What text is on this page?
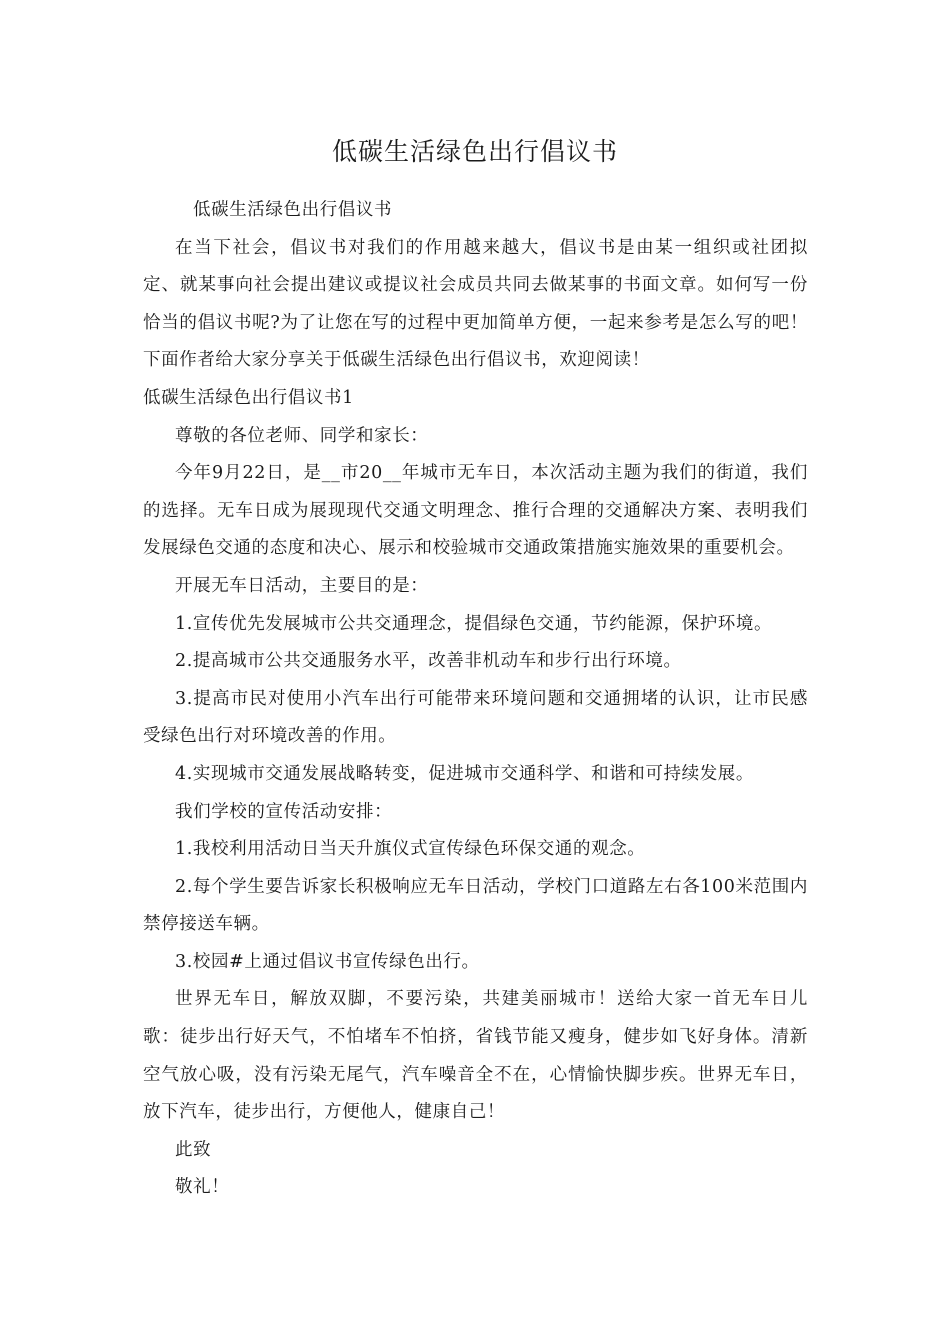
低碳生活绿色出行倡议书

低碳生活绿色出行倡议书

在当下社会，倡议书对我们的作用越来越大，倡议书是由某一组织或社团拟定、就某事向社会提出建议或提议社会成员共同去做某事的书面文章。如何写一份恰当的倡议书呢?为了让您在写的过程中更加简单方便，一起来参考是怎么写的吧！下面作者给大家分享关于低碳生活绿色出行倡议书，欢迎阅读！

低碳生活绿色出行倡议书1

尊敬的各位老师、同学和家长：

今年9月22日，是__市20__年城市无车日，本次活动主题为我们的街道，我们的选择。无车日成为展现现代交通文明理念、推行合理的交通解决方案、表明我们发展绿色交通的态度和决心、展示和校验城市交通政策措施实施效果的重要机会。

开展无车日活动，主要目的是：

1.宣传优先发展城市公共交通理念，提倡绿色交通，节约能源，保护环境。

2.提高城市公共交通服务水平，改善非机动车和步行出行环境。

3.提高市民对使用小汽车出行可能带来环境问题和交通拥堵的认识，让市民感受绿色出行对环境改善的作用。

4.实现城市交通发展战略转变，促进城市交通科学、和谐和可持续发展。

我们学校的宣传活动安排：

1.我校利用活动日当天升旗仪式宣传绿色环保交通的观念。

2.每个学生要告诉家长积极响应无车日活动，学校门口道路左右各100米范围内禁停接送车辆。

3.校园#上通过倡议书宣传绿色出行。

世界无车日，解放双脚，不要污染，共建美丽城市！送给大家一首无车日儿歌：徒步出行好天气，不怕堵车不怕挤，省钱节能又瘦身，健步如飞好身体。清新空气放心吸，没有污染无尾气，汽车噪音全不在，心情愉快脚步疾。世界无车日，放下汽车，徒步出行，方便他人，健康自己！

此致

敬礼！
